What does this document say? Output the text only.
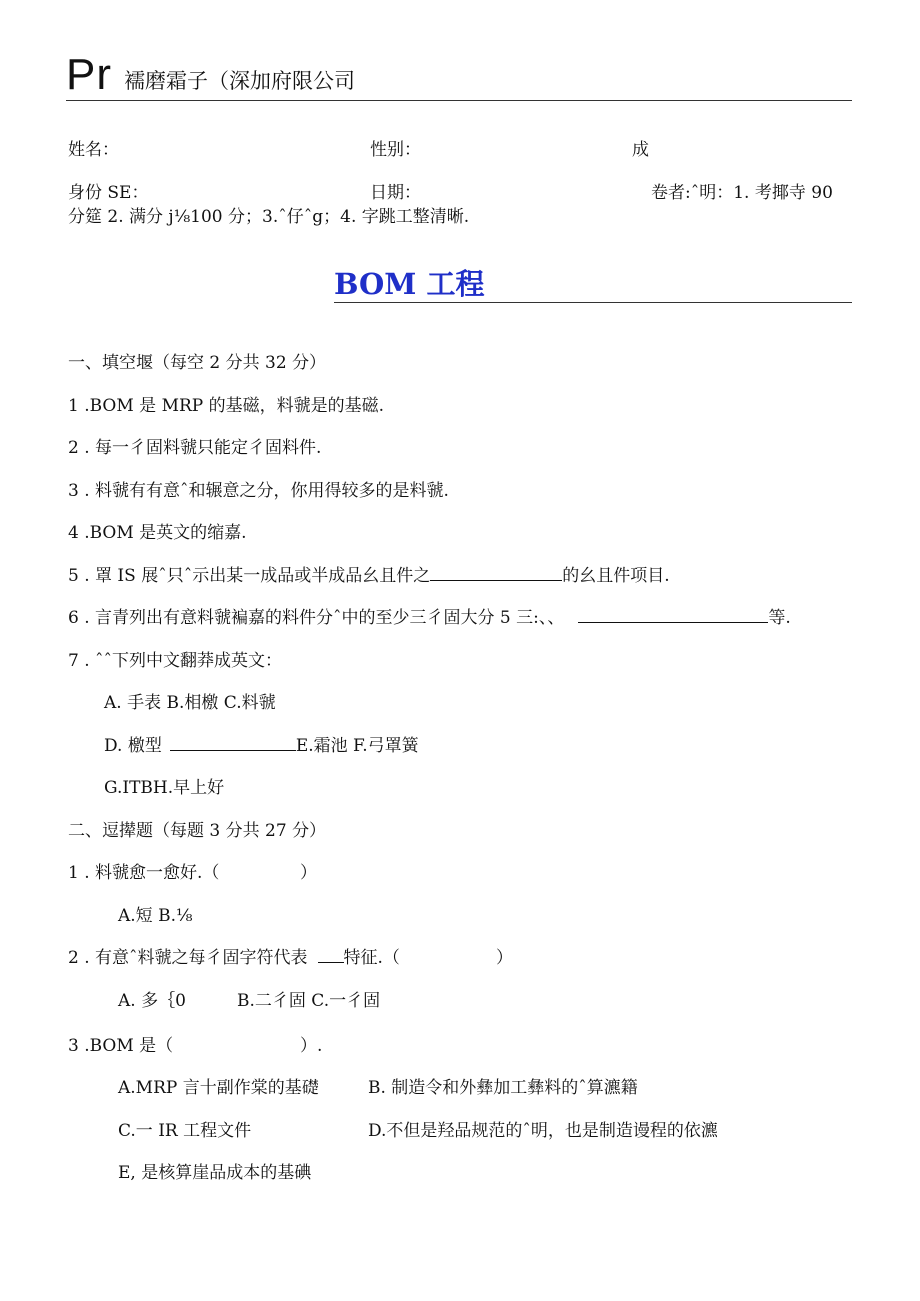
Pr 襦磨霜子（深加府限公司
姓名：	性别：	成
身份 SE：	日期：	卷者:ˆ明：1. 考揶寺 90
分筵 2. 满分 j⅛100 分；3.ˆ仔ˆg；4. 字跳工整清晰.
BOM 工程
一、填空堰（每空 2 分共 32 分）
1 .BOM 是 MRP 的基磁，料虢是的基磁.
2 . 每一彳固料虢只能定彳固料件.
3 . 料虢有有意ˆ和辗意之分，你用得较多的是料虢.
4 .BOM 是英文的缩嘉.
5 . 罩 IS 展ˆ只ˆ示出某一成品或半成品幺且件之	的幺且件项目.
6 . 言青列出有意料虢褊嘉的料件分ˆ中的至少三彳固大分 5 三:、、	等.
7 . ˆˆ下列中文翻莽成英文：
A. 手表 B.相檄 C.料虢
D. 檄型	E.霜池 F.弓罩簧
G.ITBH.早上好
二、逗撵题（每题 3 分共 27 分）
1 . 料虢愈一愈好.（	）
A.短 B.⅛
2 . 有意ˆ料虢之每彳固字符代表 特征.（	）
A. 多｛0	B.二彳固 C.一彳固
3 .BOM 是（	）.
A.MRP 言十副作棠的基礎	B. 制造令和外彝加工彝料的ˆ算瀌籍
C.一 IR 工程文件	D.不但是羟品规范的ˆ明，也是制造谩程的依瀌
E, 是核算崖品成本的基碘
